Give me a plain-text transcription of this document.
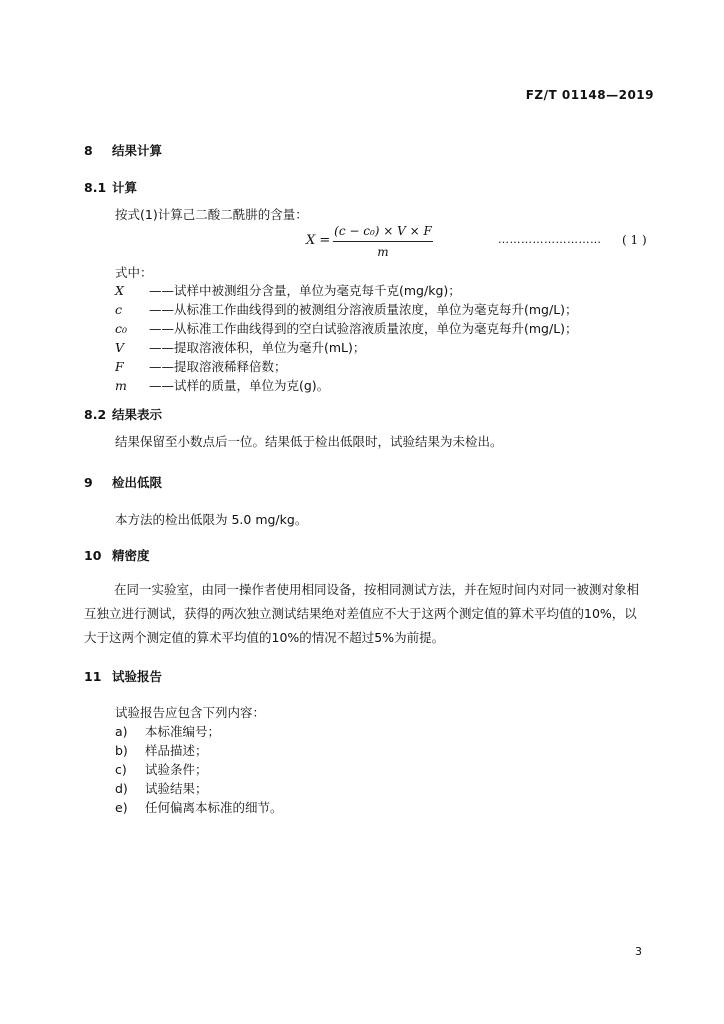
FZ/T 01148—2019
8 结果计算
8.1 计算
按式(1)计算己二酸二酰肼的含量：
X =
(c − c₀) × V × F
m
……………………… ( 1 )
式中：
X ——试样中被测组分含量，单位为毫克每千克(mg/kg)；
c ——从标准工作曲线得到的被测组分溶液质量浓度，单位为毫克每升(mg/L)；
c₀ ——从标准工作曲线得到的空白试验溶液质量浓度，单位为毫克每升(mg/L)；
V ——提取溶液体积，单位为毫升(mL)；
F ——提取溶液稀释倍数；
m ——试样的质量，单位为克(g)。
8.2 结果表示
结果保留至小数点后一位。结果低于检出低限时，试验结果为未检出。
9 检出低限
本方法的检出低限为 5.0 mg/kg。
10 精密度
在同一实验室，由同一操作者使用相同设备，按相同测试方法，并在短时间内对同一被测对象相互独立进行测试，获得的两次独立测试结果绝对差值应不大于这两个测定值的算术平均值的10%，以大于这两个测定值的算术平均值的10%的情况不超过5%为前提。
11 试验报告
试验报告应包含下列内容：
a) 本标准编号；
b) 样品描述；
c) 试验条件；
d) 试验结果；
e) 任何偏离本标准的细节。
3
